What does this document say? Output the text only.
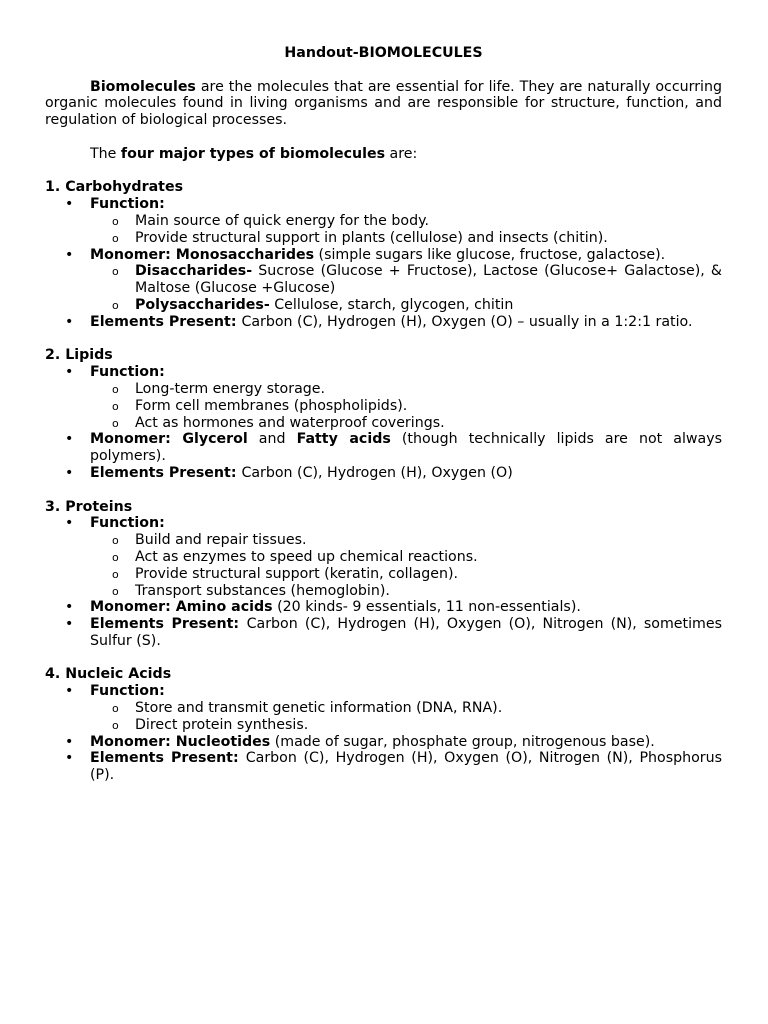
Handout-BIOMOLECULES

Biomolecules are the molecules that are essential for life. They are naturally occurring organic molecules found in living organisms and are responsible for structure, function, and regulation of biological processes.

The four major types of biomolecules are:

1. Carbohydrates
• Function:
o Main source of quick energy for the body.
o Provide structural support in plants (cellulose) and insects (chitin).
• Monomer: Monosaccharides (simple sugars like glucose, fructose, galactose).
o Disaccharides- Sucrose (Glucose + Fructose), Lactose (Glucose+ Galactose), & Maltose (Glucose +Glucose)
o Polysaccharides- Cellulose, starch, glycogen, chitin
• Elements Present: Carbon (C), Hydrogen (H), Oxygen (O) – usually in a 1:2:1 ratio.
2. Lipids
• Function:
o Long-term energy storage.
o Form cell membranes (phospholipids).
o Act as hormones and waterproof coverings.
• Monomer: Glycerol and Fatty acids (though technically lipids are not always polymers).
• Elements Present: Carbon (C), Hydrogen (H), Oxygen (O)
3. Proteins
• Function:
o Build and repair tissues.
o Act as enzymes to speed up chemical reactions.
o Provide structural support (keratin, collagen).
o Transport substances (hemoglobin).
• Monomer: Amino acids (20 kinds- 9 essentials, 11 non-essentials).
• Elements Present: Carbon (C), Hydrogen (H), Oxygen (O), Nitrogen (N), sometimes Sulfur (S).
4. Nucleic Acids
• Function:
o Store and transmit genetic information (DNA, RNA).
o Direct protein synthesis.
• Monomer: Nucleotides (made of sugar, phosphate group, nitrogenous base).
• Elements Present: Carbon (C), Hydrogen (H), Oxygen (O), Nitrogen (N), Phosphorus (P).
